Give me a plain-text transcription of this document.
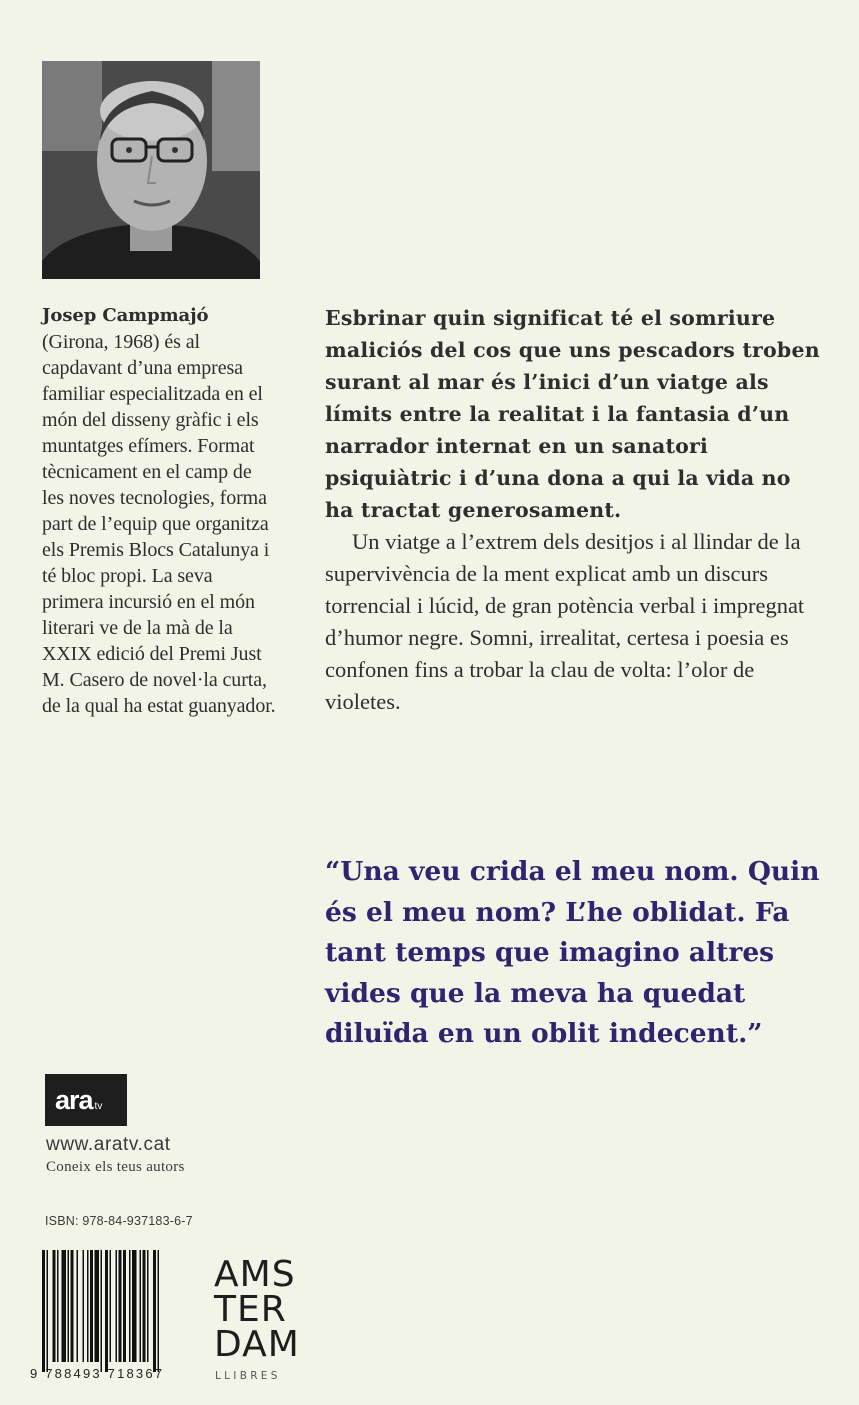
Josep Campmajó
(Girona, 1968) és al capdavant d’una empresa familiar especialitzada en el món del disseny gràfic i els muntatges efímers. Format tècnicament en el camp de les noves tecnologies, forma part de l’equip que organitza els Premis Blocs Catalunya i té bloc propi. La seva primera incursió en el món literari ve de la mà de la XXIX edició del Premi Just M. Casero de novel·la curta, de la qual ha estat guanyador.

Esbrinar quin significat té el somriure maliciós del cos que uns pescadors troben surant al mar és l’inici d’un viatge als límits entre la realitat i la fantasia d’un narrador internat en un sanatori psiquiàtric i d’una dona a qui la vida no ha tractat generosament.

Un viatge a l’extrem dels desitjos i al llindar de la supervivència de la ment explicat amb un discurs torrencial i lúcid, de gran potència verbal i impregnat d’humor negre. Somni, irrealitat, certesa i poesia es confonen fins a trobar la clau de volta: l’olor de violetes.

“Una veu crida el meu nom. Quin és el meu nom? L’he oblidat. Fa tant temps que imagino altres vides que la meva ha quedat diluïda en un oblit indecent.”
ara tv
www.aratv.cat
Coneix els teus autors
ISBN: 978-84-937183-6-7
9 788493 718367
AMS
TER
DAM
LLIBRES
